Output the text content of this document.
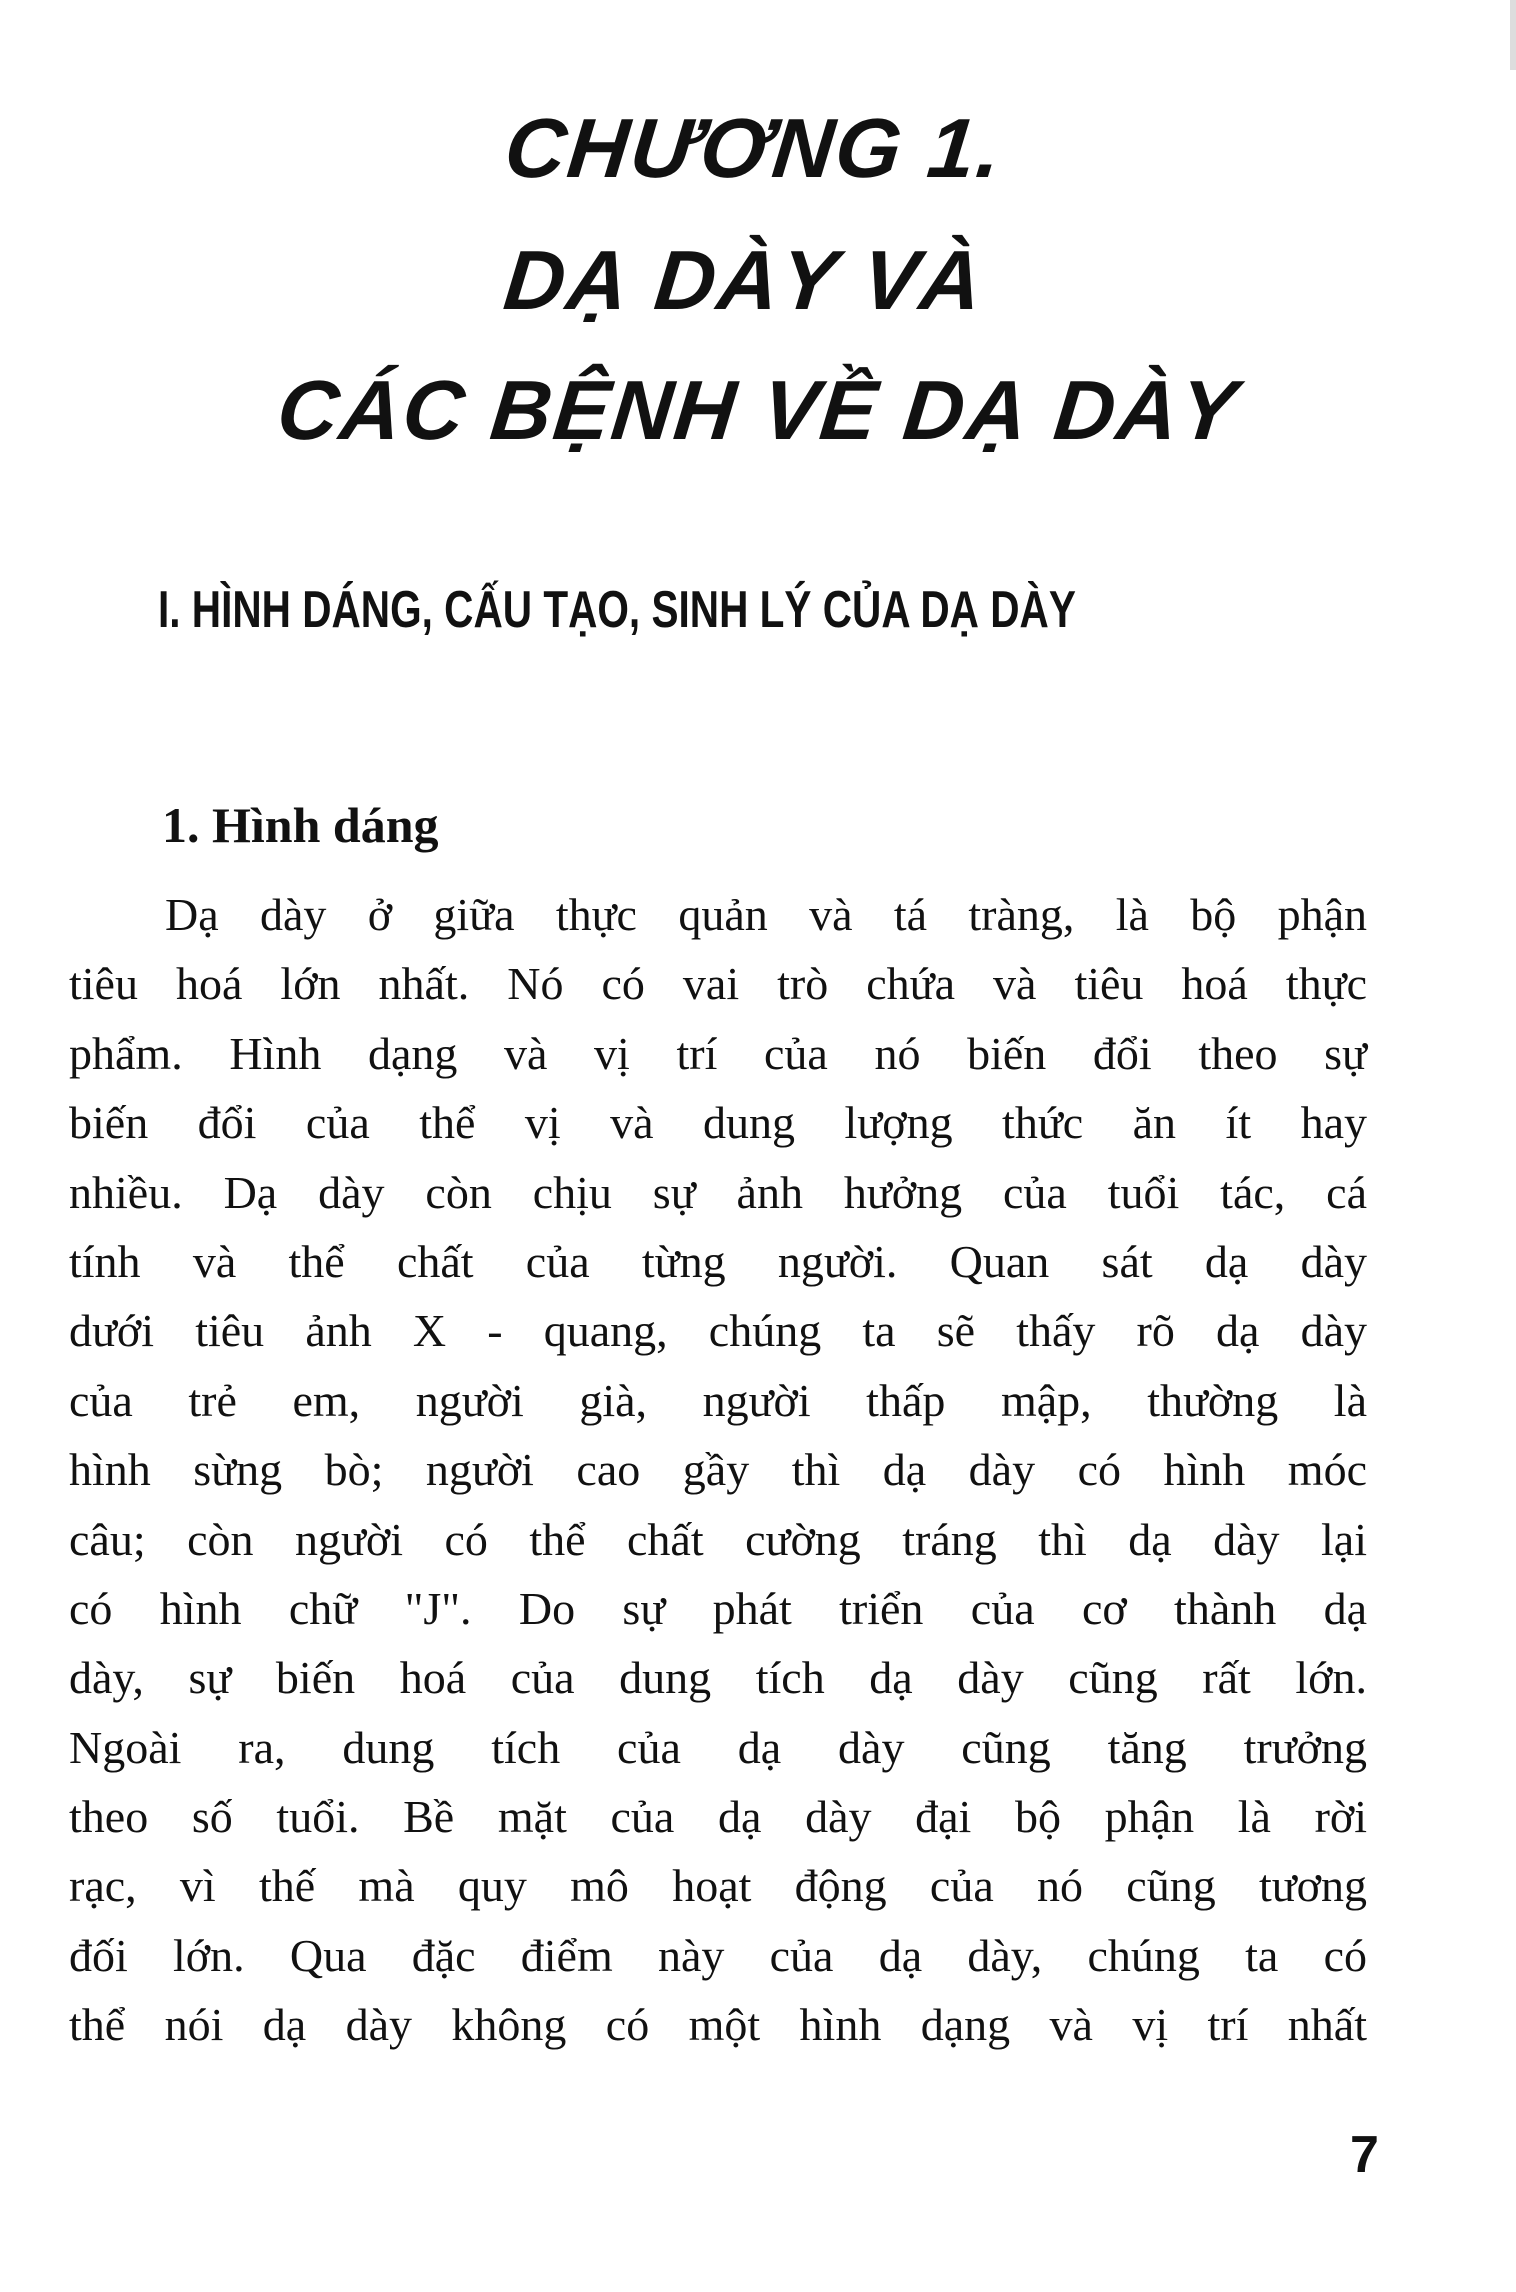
CHƯƠNG 1.
DẠ DÀY VÀ
CÁC BỆNH VỀ DẠ DÀY
I. HÌNH DÁNG, CẤU TẠO, SINH LÝ CỦA DẠ DÀY
1. Hình dáng
Dạ dày ở giữa thực quản và tá tràng, là bộ phận
tiêu hoá lớn nhất. Nó có vai trò chứa và tiêu hoá thực
phẩm. Hình dạng và vị trí của nó biến đổi theo sự
biến đổi của thể vị và dung lượng thức ăn ít hay
nhiều. Dạ dày còn chịu sự ảnh hưởng của tuổi tác, cá
tính và thể chất của từng người. Quan sát dạ dày
dưới tiêu ảnh X - quang, chúng ta sẽ thấy rõ dạ dày
của trẻ em, người già, người thấp mập, thường là
hình sừng bò; người cao gầy thì dạ dày có hình móc
câu; còn người có thể chất cường tráng thì dạ dày lại
có hình chữ "J". Do sự phát triển của cơ thành dạ
dày, sự biến hoá của dung tích dạ dày cũng rất lớn.
Ngoài ra, dung tích của dạ dày cũng tăng trưởng
theo số tuổi. Bề mặt của dạ dày đại bộ phận là rời
rạc, vì thế mà quy mô hoạt động của nó cũng tương
đối lớn. Qua đặc điểm này của dạ dày, chúng ta có
thể nói dạ dày không có một hình dạng và vị trí nhất
7
